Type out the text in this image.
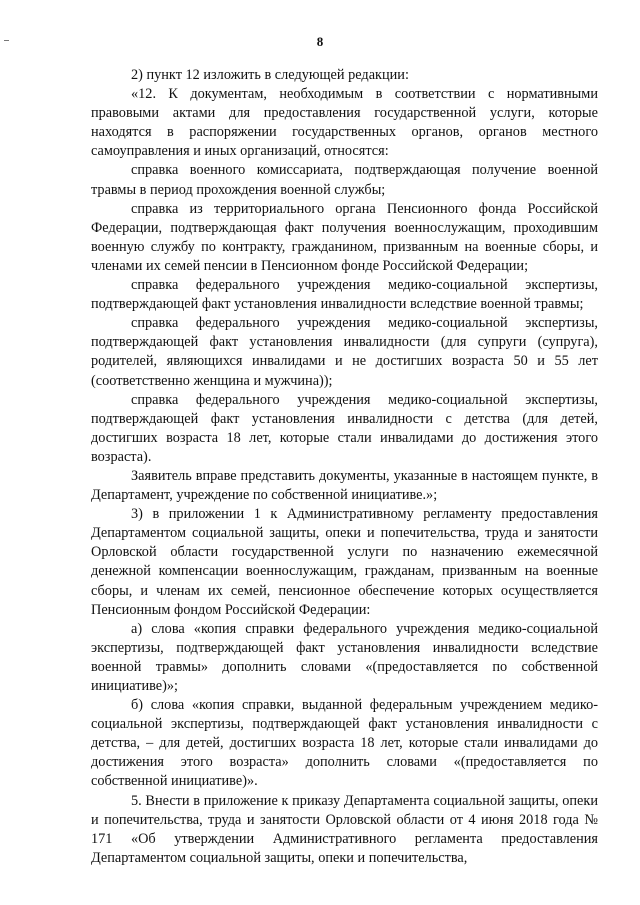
8

2) пункт 12 изложить в следующей редакции:

«12. К документам, необходимым в соответствии с нормативными правовыми актами для предоставления государственной услуги, которые находятся в распоряжении государственных органов, органов местного самоуправления и иных организаций, относятся:

справка военного комиссариата, подтверждающая получение военной травмы в период прохождения военной службы;

справка из территориального органа Пенсионного фонда Российской Федерации, подтверждающая факт получения военнослужащим, проходившим военную службу по контракту, гражданином, призванным на военные сборы, и членами их семей пенсии в Пенсионном фонде Российской Федерации;

справка федерального учреждения медико-социальной экспертизы, подтверждающей факт установления инвалидности вследствие военной травмы;

справка федерального учреждения медико-социальной экспертизы, подтверждающей факт установления инвалидности (для супруги (супруга), родителей, являющихся инвалидами и не достигших возраста 50 и 55 лет (соответственно женщина и мужчина));

справка федерального учреждения медико-социальной экспертизы, подтверждающей факт установления инвалидности с детства (для детей, достигших возраста 18 лет, которые стали инвалидами до достижения этого возраста).

Заявитель вправе представить документы, указанные в настоящем пункте, в Департамент, учреждение по собственной инициативе.»;

3) в приложении 1 к Административному регламенту предоставления Департаментом социальной защиты, опеки и попечительства, труда и занятости Орловской области государственной услуги по назначению ежемесячной денежной компенсации военнослужащим, гражданам, призванным на военные сборы, и членам их семей, пенсионное обеспечение которых осуществляется Пенсионным фондом Российской Федерации:

а) слова «копия справки федерального учреждения медико-социальной экспертизы, подтверждающей факт установления инвалидности вследствие военной травмы» дополнить словами «(предоставляется по собственной инициативе)»;

б) слова «копия справки, выданной федеральным учреждением медико-социальной экспертизы, подтверждающей факт установления инвалидности с детства, – для детей, достигших возраста 18 лет, которые стали инвалидами до достижения этого возраста» дополнить словами «(предоставляется по собственной инициативе)».

5. Внести в приложение к приказу Департамента социальной защиты, опеки и попечительства, труда и занятости Орловской области от 4 июня 2018 года № 171 «Об утверждении Административного регламента предоставления Департаментом социальной защиты, опеки и попечительства,
